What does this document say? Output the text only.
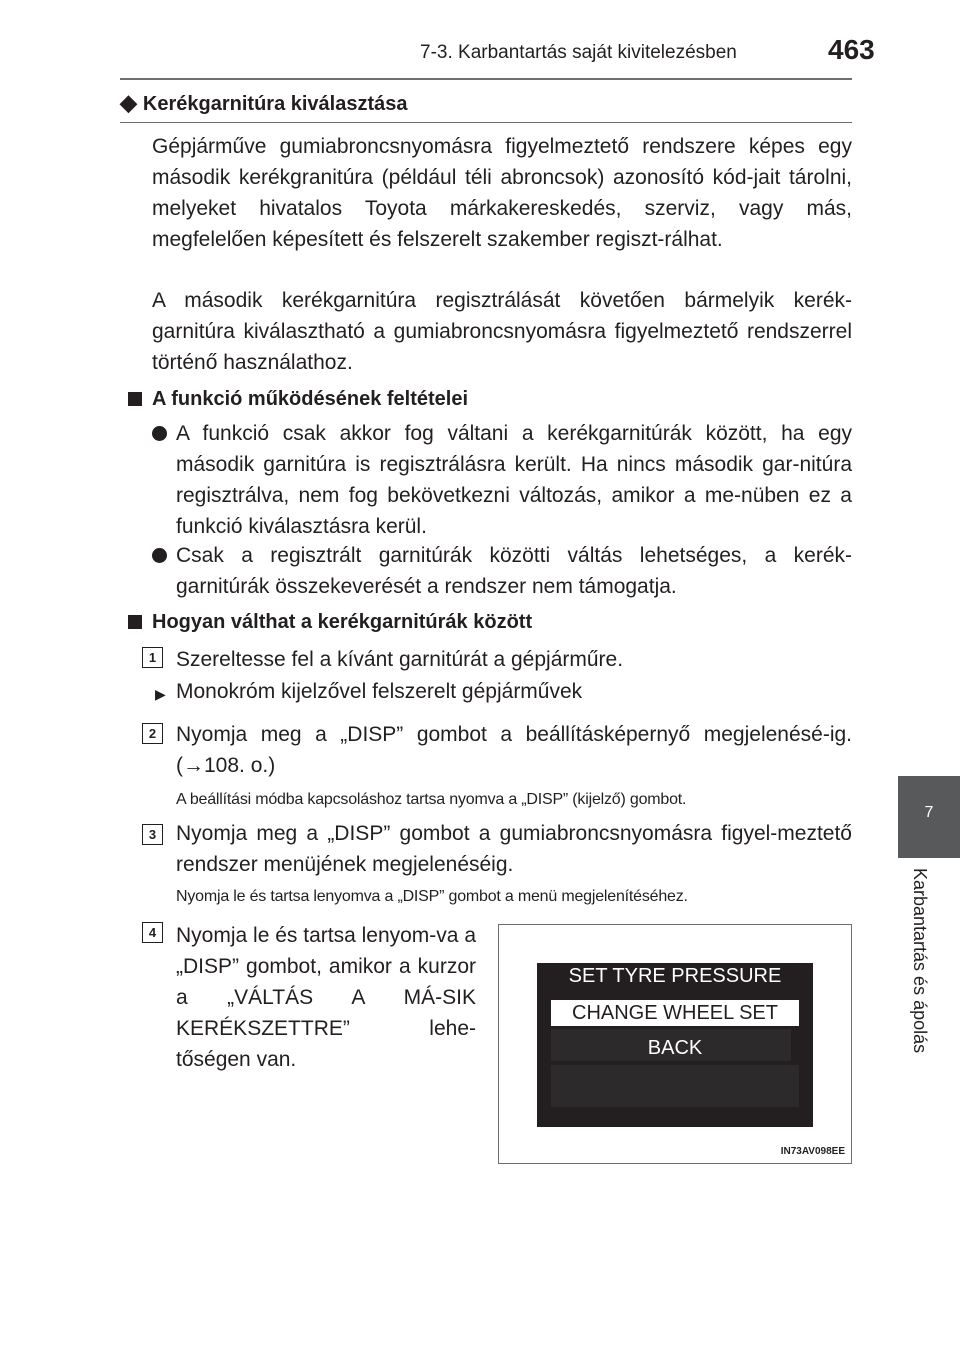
7-3. Karbantartás saját kivitelezésben	463
◆ Kerékgarnitúra kiválasztása
Gépjárműve gumiabroncsnyomásra figyelmeztető rendszere képes egy második kerékgranitúra (például téli abroncsok) azonosító kód-jait tárolni, melyeket hivatalos Toyota márkakereskedés, szerviz, vagy más, megfelelően képesített és felszerelt szakember regiszt-rálhat.
A második kerékgarnitúra regisztrálását követően bármelyik kerék-garnitúra kiválasztható a gumiabroncsnyomásra figyelmeztető rendszerrel történő használathoz.
A funkció működésének feltételei
A funkció csak akkor fog váltani a kerékgarnitúrák között, ha egy második garnitúra is regisztrálásra került. Ha nincs második gar-nitúra regisztrálva, nem fog bekövetkezni változás, amikor a me-nüben ez a funkció kiválasztásra kerül.
Csak a regisztrált garnitúrák közötti váltás lehetséges, a kerék-garnitúrák összekeverését a rendszer nem támogatja.
Hogyan válthat a kerékgarnitúrák között
1 Szereltesse fel a kívánt garnitúrát a gépjárműre.
▶ Monokróm kijelzővel felszerelt gépjárművek
2 Nyomja meg a „DISP” gombot a beállításképernyő megjelenésé-ig. (→108. o.)
A beállítási módba kapcsoláshoz tartsa nyomva a „DISP” (kijelző) gombot.
3 Nyomja meg a „DISP” gombot a gumiabroncsnyomásra figyel-meztető rendszer menüjének megjelenéséig.
Nyomja le és tartsa lenyomva a „DISP” gombot a menü megjelenítéséhez.
4 Nyomja le és tartsa lenyom-va a „DISP” gombot, amikor a kurzor a „VÁLTÁS A MÁ-SIK KERÉKSZETTRE” lehe-tőségen van.
SET TYRE PRESSURE
CHANGE WHEEL SET
BACK
IN73AV098EE
7
Karbantartás és ápolás
